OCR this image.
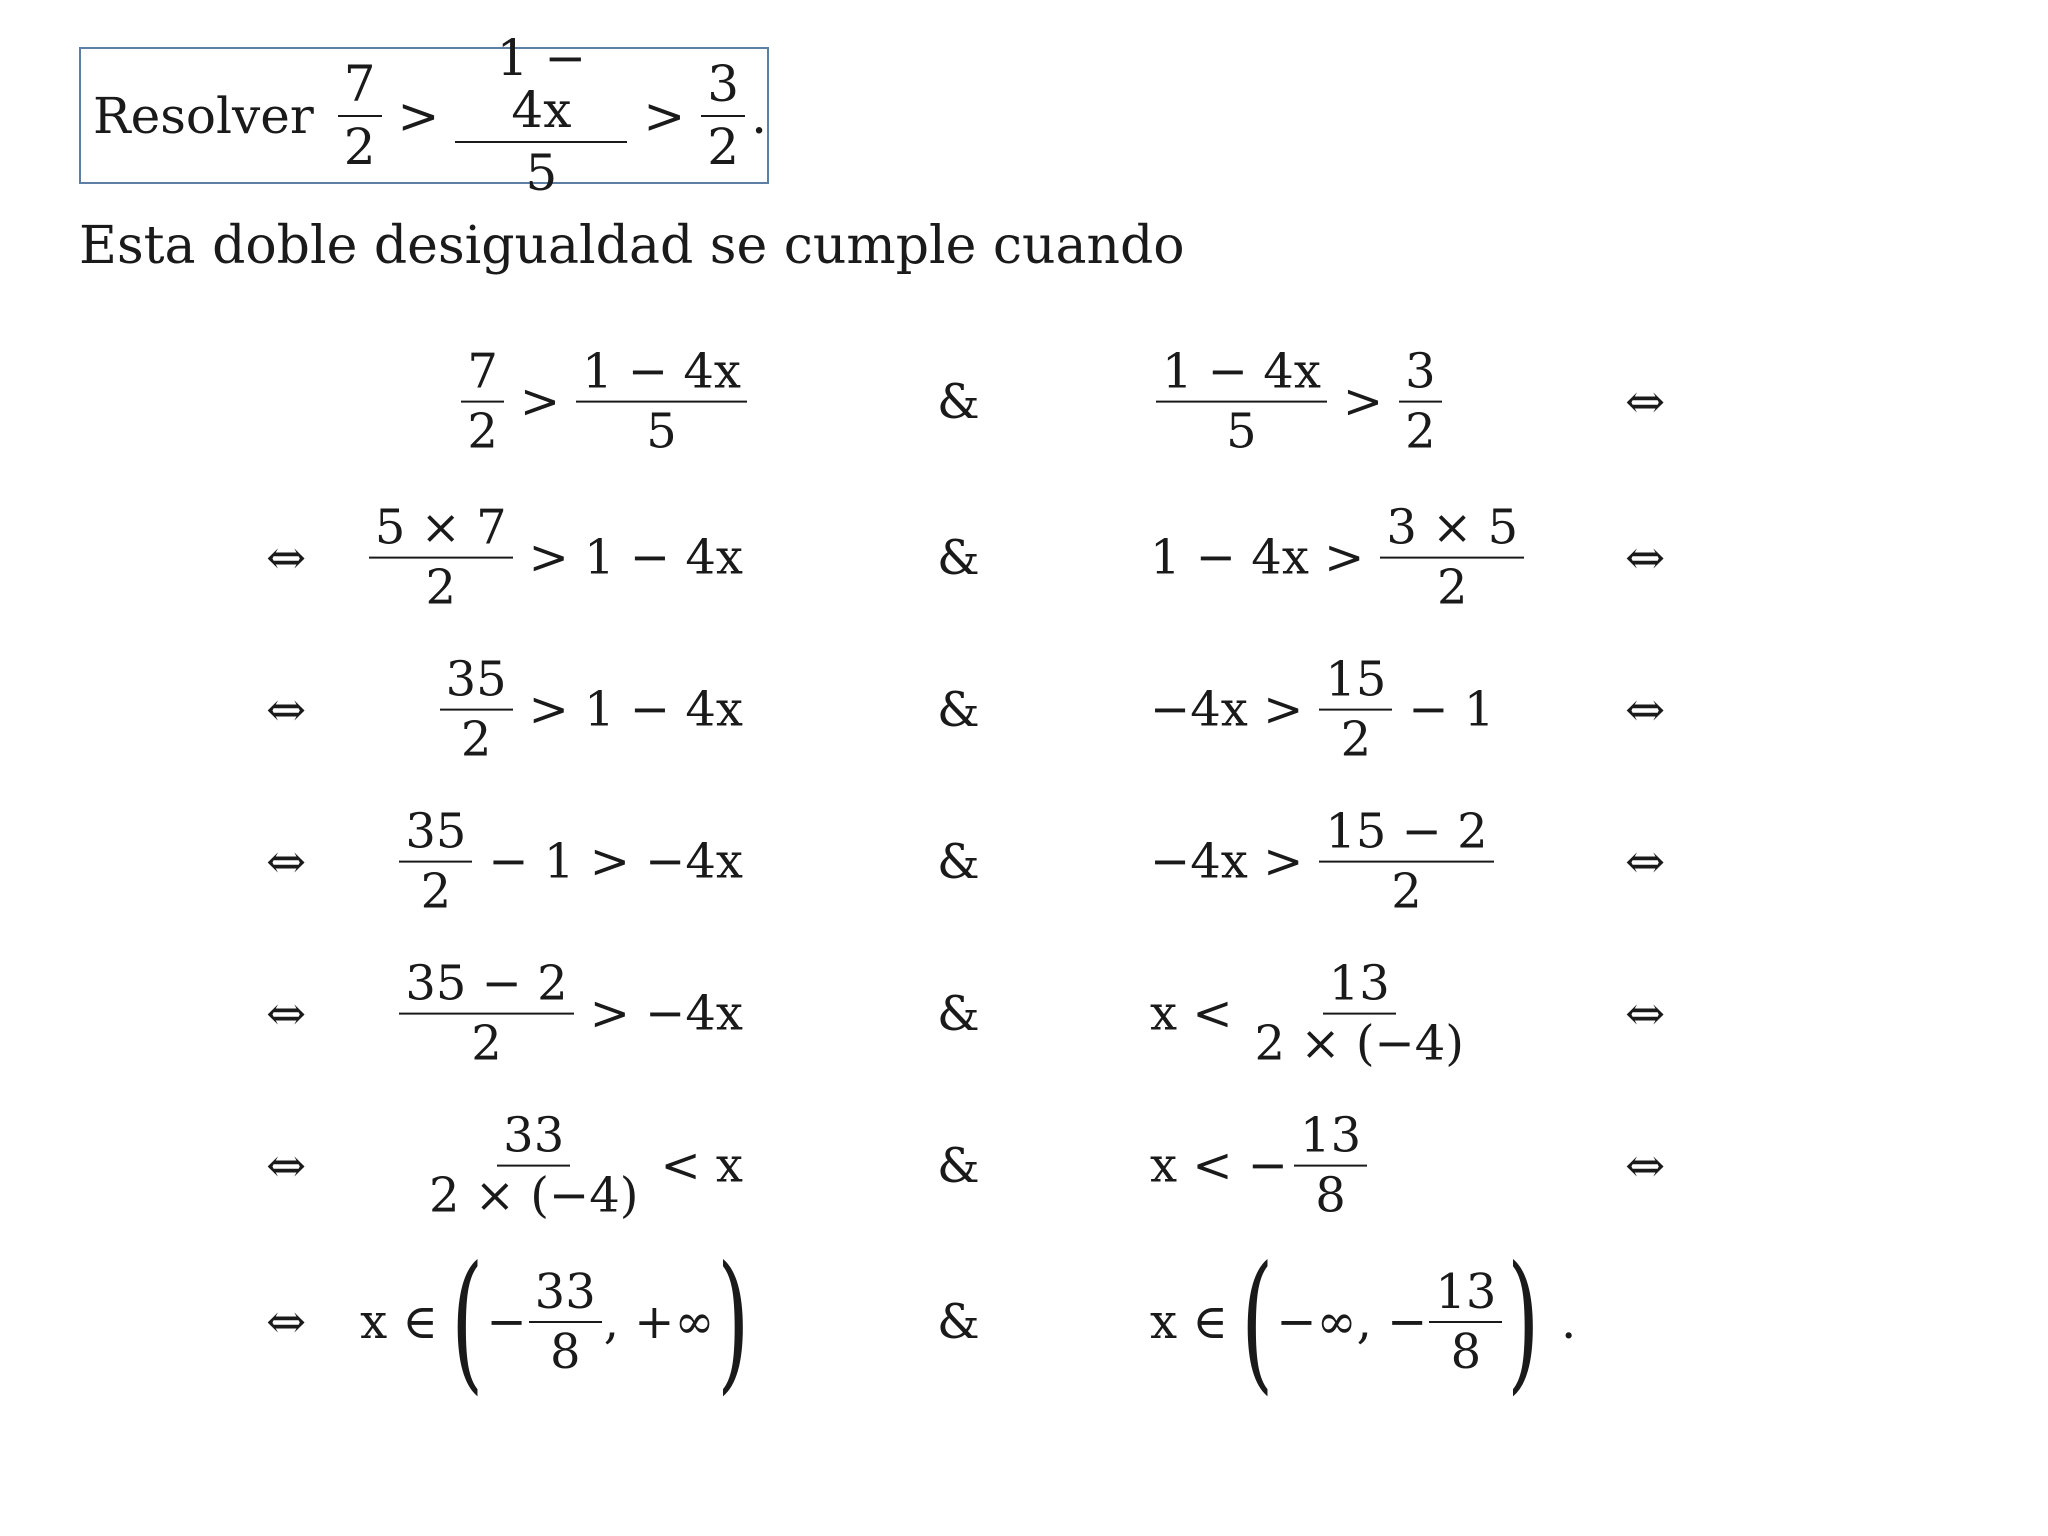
Resolver $\frac{7}{2} > \frac{1 - 4x}{5} > \frac{3}{2}$ .
Esta doble desigualdad se cumple cuando
$\frac{7}{2} > \frac{1 - 4x}{5}$	&	$\frac{1 - 4x}{5} > \frac{3}{2}$	⇔
⇔ $\frac{5 \times 7}{2} > 1 - 4x$	&	$1 - 4x > \frac{3 \times 5}{2}$ ⇔
⇔	$\frac{35}{2} > 1 - 4x$	&	$-4x > \frac{15}{2} - 1$	⇔
⇔ $\frac{35}{2} - 1 > -4x$	&	$-4x > \frac{15 - 2}{2}$	⇔
⇔ $\frac{35 - 2}{2} > -4x$	&	$x < \frac{13}{2 \times (-4)}$	⇔
⇔ $\frac{33}{2 \times (-4)} < x$	&	x < − $\frac{13}{8}$	⇔
⇔ x ∈ ( − $\frac{33}{8}$ , +∞ )	&	x ∈ ( −∞, − $\frac{13}{8}$ ) .
